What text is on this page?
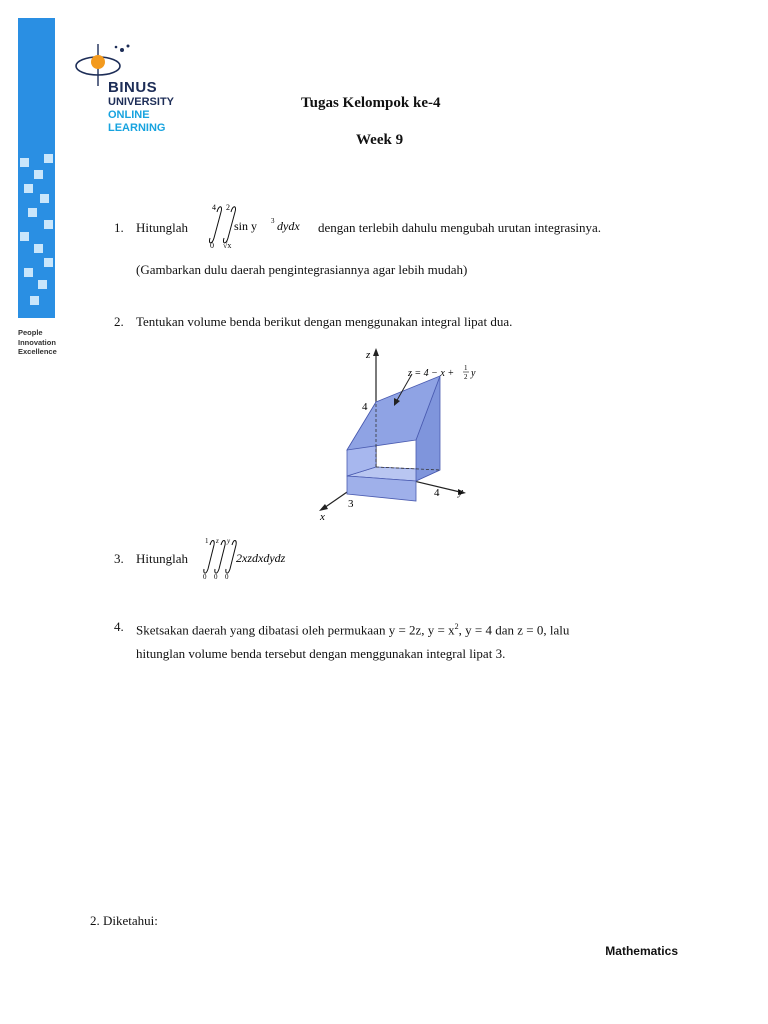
People
Innovation
Excellence
BINUS
UNIVERSITY
ONLINE
LEARNING
Tugas Kelompok ke-4
Week 9
1. Hitunglah
4
0
2
√x
sin y 3 dydx dengan terlebih dahulu mengubah urutan integrasinya.
(Gambarkan dulu daerah pengintegrasiannya agar lebih mudah)
2. Tentukan volume benda berikut dengan menggunakan integral lipat dua.
z
4
y
4
x
3
z = 4 − x + 1
2 y
3. Hitunglah
1 z y
0 0 0
2xzdxdydz
4. Sketsakan daerah yang dibatasi oleh permukaan y = 2z, $y = x^2$, y = 4 dan z = 0, lalu
hitunglan volume benda tersebut dengan menggunakan integral lipat 3.
2. Diketahui:
Mathematics
